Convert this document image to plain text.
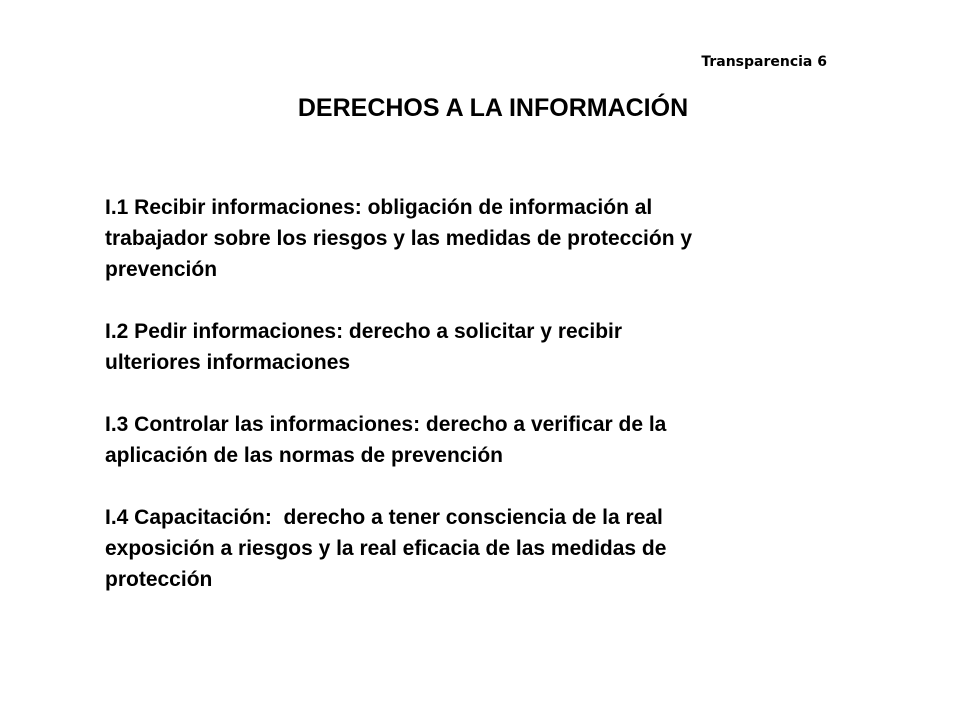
Transparencia 6
DERECHOS A LA INFORMACIÓN

I.1 Recibir informaciones: obligación de información al
trabajador sobre los riesgos y las medidas de protección y
prevención

I.2 Pedir informaciones: derecho a solicitar y recibir
ulteriores informaciones

I.3 Controlar las informaciones: derecho a verificar de la
aplicación de las normas de prevención

I.4 Capacitación:  derecho a tener consciencia de la real
exposición a riesgos y la real eficacia de las medidas de
protección
